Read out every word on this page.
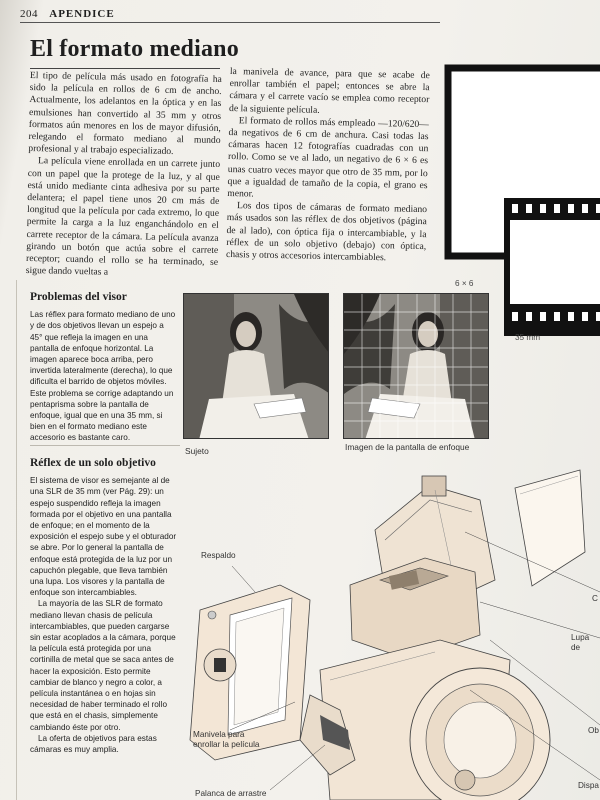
204 APENDICE
El formato mediano

El tipo de película más usado en fotografía ha sido la película en rollos de 6 cm de ancho. Actualmente, los adelantos en la óptica y en las emulsiones han convertido al 35 mm y otros formatos aún menores en los de mayor difusión, relegando el formato mediano al mundo profesional y al trabajo especializado.

La película viene enrollada en un carrete junto con un papel que la protege de la luz, y al que está unido mediante cinta adhesiva por su parte delantera; el papel tiene unos 20 cm más de longitud que la película por cada extremo, lo que permite la carga a la luz enganchándolo en el carrete receptor de la cámara. La película avanza girando un botón que actúa sobre el carrete receptor; cuando el rollo se ha terminado, se sigue dando vueltas a

la manivela de avance, para que se acabe de enrollar también el papel; entonces se abre la cámara y el carrete vacío se emplea como receptor de la siguiente película.

El formato de rollos más empleado —120/620— da negativos de 6 cm de anchura. Casi todas las cámaras hacen 12 fotografías cuadradas con un rollo. Como se ve al lado, un negativo de 6 × 6 es unas cuatro veces mayor que otro de 35 mm, por lo que a igualdad de tamaño de la copia, el grano es menor.

Los dos tipos de cámaras de formato mediano más usados son las réflex de dos objetivos (página de al lado), con óptica fija o intercambiable, y la réflex de un solo objetivo (debajo) con óptica, chasis y otros accesorios intercambiables.

6 × 6
35 mm
Problemas del visor

Las réflex para formato mediano de uno y de dos objetivos llevan un espejo a 45° que refleja la imagen en una pantalla de enfoque horizontal. La imagen aparece boca arriba, pero invertida lateralmente (derecha), lo que dificulta el barrido de objetos móviles. Este problema se corrige adaptando un pentaprisma sobre la pantalla de enfoque, igual que en una 35 mm, si bien en el formato mediano este accesorio es bastante caro.

Sujeto	Imagen de la pantalla de enfoque
Réflex de un solo objetivo

El sistema de visor es semejante al de una SLR de 35 mm (ver Pág. 29): un espejo suspendido refleja la imagen formada por el objetivo en una pantalla de enfoque; en el momento de la exposición el espejo sube y el obturador se abre. Por lo general la pantalla de enfoque está protegida de la luz por un capuchón plegable, que lleva también una lupa. Los visores y la pantalla de enfoque son intercambiables.

La mayoría de las SLR de formato mediano llevan chasis de película intercambiables, que pueden cargarse sin estar acoplados a la cámara, porque la película está protegida por una cortinilla de metal que se saca antes de hacer la exposición. Esto permite cambiar de blanco y negro a color, a película instantánea o en hojas sin necesidad de haber terminado el rollo que está en el chasis, simplemente cambiando éste por otro.

La oferta de objetivos para estas cámaras es muy amplia.

Respaldo
Manivela para
enrollar la película
Palanca de arrastre
Lupa de
C
Ob
Dispa
